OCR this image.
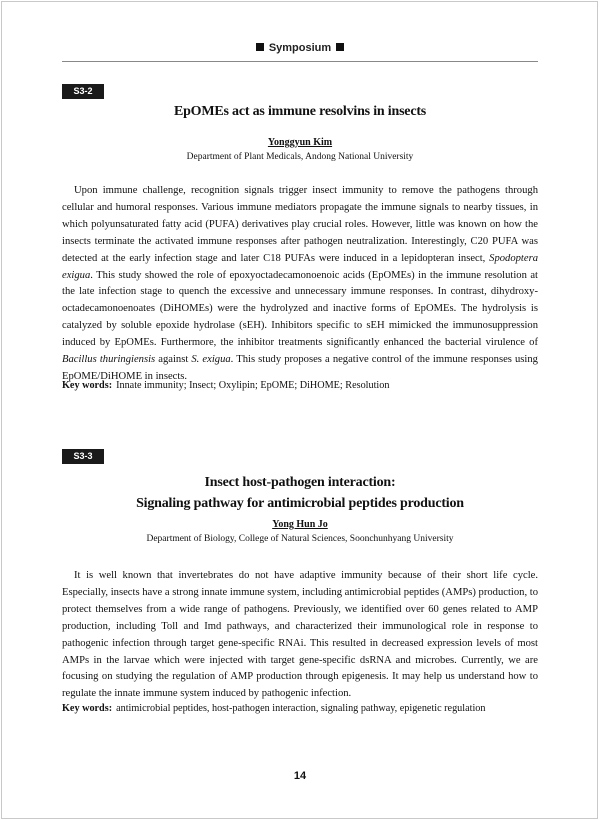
Symposium
S3-2
EpOMEs act as immune resolvins in insects
Yonggyun Kim
Department of Plant Medicals, Andong National University
Upon immune challenge, recognition signals trigger insect immunity to remove the pathogens through cellular and humoral responses. Various immune mediators propagate the immune signals to nearby tissues, in which polyunsaturated fatty acid (PUFA) derivatives play crucial roles. However, little was known on how the insects terminate the activated immune responses after pathogen neutralization. Interestingly, C20 PUFA was detected at the early infection stage and later C18 PUFAs were induced in a lepidopteran insect, Spodoptera exigua. This study showed the role of epoxyoctadecamonoenoic acids (EpOMEs) in the immune resolution at the late infection stage to quench the excessive and unnecessary immune responses. In contrast, dihydroxy-octadecamonoenoates (DiHOMEs) were the hydrolyzed and inactive forms of EpOMEs. The hydrolysis is catalyzed by soluble epoxide hydrolase (sEH). Inhibitors specific to sEH mimicked the immunosuppression induced by EpOMEs. Furthermore, the inhibitor treatments significantly enhanced the bacterial virulence of Bacillus thuringiensis against S. exigua. This study proposes a negative control of the immune responses using EpOME/DiHOME in insects.
Key words: Innate immunity; Insect; Oxylipin; EpOME; DiHOME; Resolution
S3-3
Insect host-pathogen interaction:
Signaling pathway for antimicrobial peptides production
Yong Hun Jo
Department of Biology, College of Natural Sciences, Soonchunhyang University
It is well known that invertebrates do not have adaptive immunity because of their short life cycle. Especially, insects have a strong innate immune system, including antimicrobial peptides (AMPs) production, to protect themselves from a wide range of pathogens. Previously, we identified over 60 genes related to AMP production, including Toll and Imd pathways, and characterized their immunological role in response to pathogenic infection through target gene-specific RNAi. This resulted in decreased expression levels of most AMPs in the larvae which were injected with target gene-specific dsRNA and microbes. Currently, we are focusing on studying the regulation of AMP production through epigenesis. It may help us understand how to regulate the innate immune system induced by pathogenic infection.
Key words: antimicrobial peptides, host-pathogen interaction, signaling pathway, epigenetic regulation
14
